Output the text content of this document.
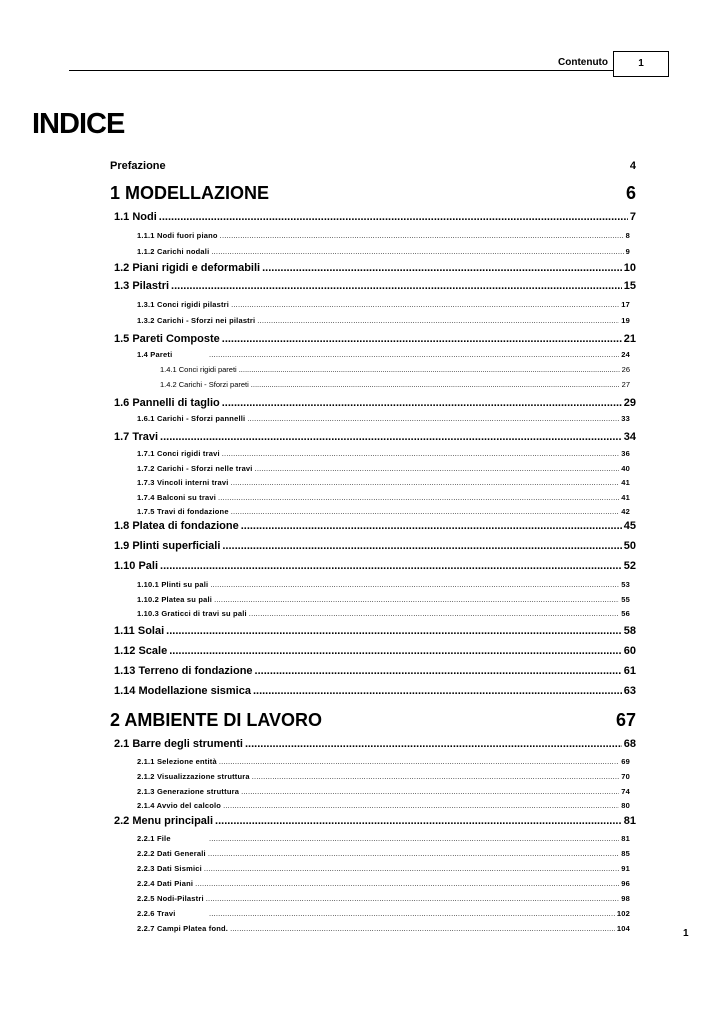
Contenuto	1
INDICE
Prefazione	4
1 MODELLAZIONE	6
1.1 Nodi .....	7
1.1.1 Nodi fuori piano .....	8
1.1.2 Carichi nodali .....	9
1.2 Piani rigidi e deformabili .....	10
1.3 Pilastri .....	15
1.3.1 Conci rigidi pilastri .....	17
1.3.2 Carichi - Sforzi nei pilastri .....	19
1.5 Pareti Composte .....	21
1.4 Pareti .....	24
1.4.1 Conci rigidi pareti .....	26
1.4.2 Carichi - Sforzi pareti .....	27
1.6 Pannelli di taglio .....	29
1.6.1 Carichi - Sforzi pannelli .....	33
1.7 Travi .....	34
1.7.1 Conci rigidi travi .....	36
1.7.2 Carichi - Sforzi nelle travi .....	40
1.7.3 Vincoli interni travi .....	41
1.7.4 Balconi su travi .....	41
1.7.5 Travi di fondazione .....	42
1.8 Platea di fondazione .....	45
1.9 Plinti superficiali .....	50
1.10 Pali .....	52
1.10.1 Plinti su pali .....	53
1.10.2 Platea su pali .....	55
1.10.3 Graticci di travi su pali .....	56
1.11 Solai .....	58
1.12 Scale .....	60
1.13 Terreno di fondazione .....	61
1.14 Modellazione sismica .....	63
2 AMBIENTE DI LAVORO	67
2.1 Barre degli strumenti .....	68
2.1.1 Selezione entità .....	69
2.1.2 Visualizzazione struttura .....	70
2.1.3 Generazione struttura .....	74
2.1.4 Avvio del calcolo .....	80
2.2 Menu principali .....	81
2.2.1 File .....	81
2.2.2 Dati Generali .....	85
2.2.3 Dati Sismici .....	91
2.2.4 Dati Piani .....	96
2.2.5 Nodi-Pilastri .....	98
2.2.6 Travi .....	102
2.2.7 Campi Platea fond. .....	104	1
